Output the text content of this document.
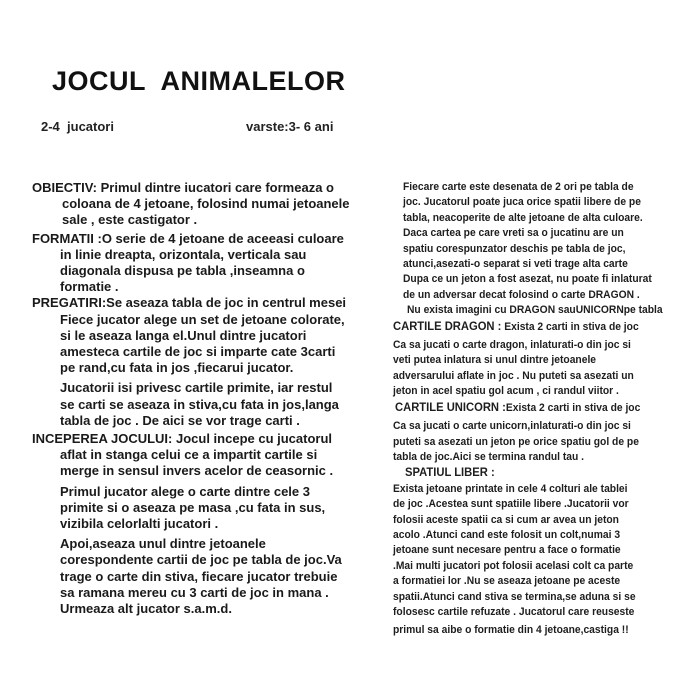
JOCUL  ANIMALELOR
2-4  jucatori	varste:3- 6 ani
OBIECTIV: Primul dintre iucatori care formeaza o
coloana de 4 jetoane, folosind numai jetoanele
sale , este castigator .
FORMATII :O serie de 4 jetoane de aceeasi culoare
in linie dreapta, orizontala, verticala sau
diagonala dispusa pe tabla ,inseamna o
formatie .
PREGATIRI:Se aseaza tabla de joc in centrul mesei
Fiece jucator alege un set de jetoane colorate,
si le aseaza langa el.Unul dintre jucatori
amesteca cartile de joc si imparte cate 3carti
pe rand,cu fata in jos ,fiecarui jucator.
Jucatorii isi privesc cartile primite, iar restul
se carti se aseaza in stiva,cu fata in jos,langa
tabla de joc . De aici se vor trage carti .
INCEPEREA JOCULUI: Jocul incepe cu jucatorul
aflat in stanga celui ce a impartit cartile si
merge in sensul invers acelor de ceasornic .
Primul jucator alege o carte dintre cele 3
primite si o aseaza pe masa ,cu fata in sus,
vizibila celorlalti jucatori .
Apoi,aseaza unul dintre jetoanele
corespondente cartii de joc pe tabla de joc.Va
trage o carte din stiva, fiecare jucator trebuie
sa ramana mereu cu 3 carti de joc in mana .
Urmeaza alt jucator s.a.m.d.
Fiecare carte este desenata de 2 ori pe tabla de
joc. Jucatorul poate juca orice spatii libere de pe
tabla, neacoperite de alte jetoane de alta culoare.
Daca cartea pe care vreti sa o jucatinu are un
spatiu corespunzator deschis pe tabla de joc,
atunci,asezati-o separat si veti trage alta carte
Dupa ce un jeton a fost asezat, nu poate fi inlaturat
de un adversar decat folosind o carte DRAGON .
Nu exista imagini cu DRAGON sauUNICORNpe tabla
CARTILE DRAGON : Exista 2 carti in stiva de joc
Ca sa jucati o carte dragon, inlaturati-o din joc si
veti putea inlatura si unul dintre jetoanele
adversarului aflate in joc . Nu puteti sa asezati un
jeton in acel spatiu gol acum , ci randul viitor .
CARTILE UNICORN :Exista 2 carti in stiva de joc
Ca sa jucati o carte unicorn,inlaturati-o din joc si
puteti sa asezati un jeton pe orice spatiu gol de pe
tabla de joc.Aici se termina randul tau .
SPATIUL LIBER :
Exista jetoane printate in cele 4 colturi ale tablei
de joc .Acestea sunt spatiile libere .Jucatorii vor
folosii aceste spatii ca si cum ar avea un jeton
acolo .Atunci cand este folosit un colt,numai 3
jetoane sunt necesare pentru a face o formatie
.Mai multi jucatori pot folosii acelasi colt ca parte
a formatiei lor .Nu se aseaza jetoane pe aceste
spatii.Atunci cand stiva se termina,se aduna si se
folosesc cartile refuzate . Jucatorul care reuseste
primul sa aibe o formatie din 4 jetoane,castiga !!
